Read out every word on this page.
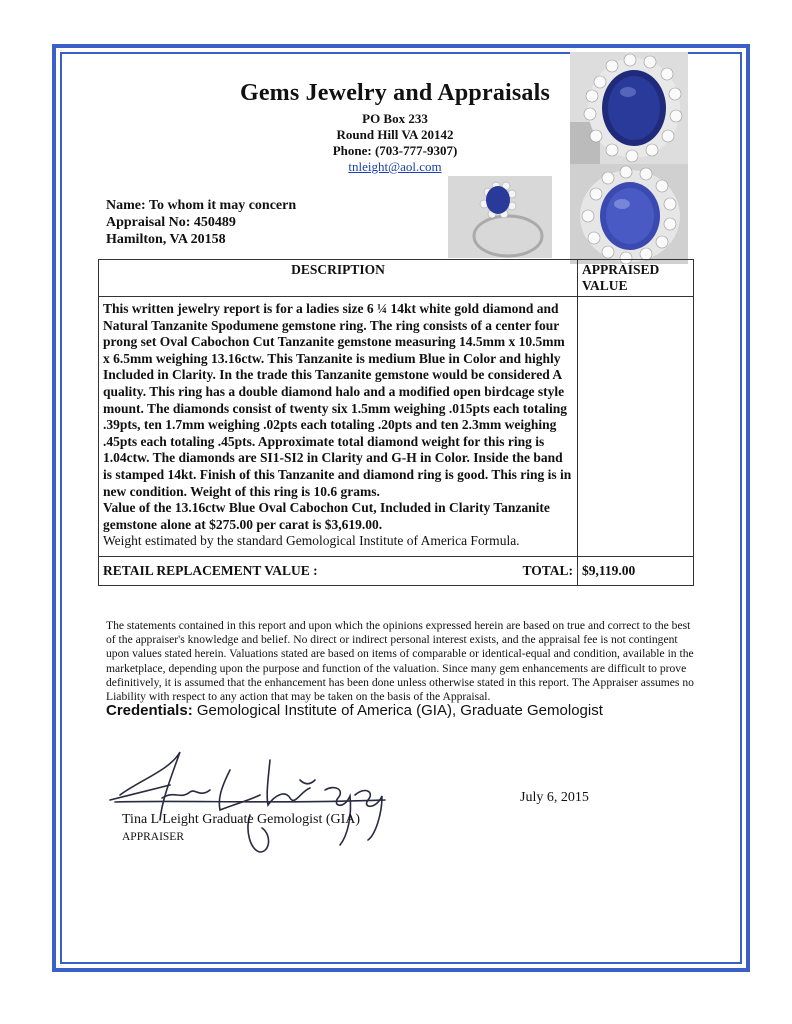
Gems Jewelry and Appraisals
PO Box 233
Round Hill VA 20142
Phone: (703-777-9307)
tnleight@aol.com
Name: To whom it may concern
Appraisal No: 450489
Hamilton, VA 20158
DESCRIPTION	APPRAISED VALUE

This written jewelry report is for a ladies size 6 ¼ 14kt white gold diamond and Natural Tanzanite Spodumene gemstone ring. The ring consists of a center four prong set Oval Cabochon Cut Tanzanite gemstone measuring 14.5mm x 10.5mm x 6.5mm weighing 13.16ctw. This Tanzanite is medium Blue in Color and highly Included in Clarity. In the trade this Tanzanite gemstone would be considered A quality. This ring has a double diamond halo and a modified open birdcage style mount. The diamonds consist of twenty six 1.5mm weighing .015pts each totaling .39pts, ten 1.7mm weighing .02pts each totaling .20pts and ten 2.3mm weighing .45pts each totaling .45pts. Approximate total diamond weight for this ring is 1.04ctw. The diamonds are SI1-SI2 in Clarity and G-H in Color. Inside the band is stamped 14kt. Finish of this Tanzanite and diamond ring is good. This ring is in new condition. Weight of this ring is 10.6 grams.
Value of the 13.16ctw Blue Oval Cabochon Cut, Included in Clarity Tanzanite gemstone alone at $275.00 per carat is $3,619.00.
Weight estimated by the standard Gemological Institute of America Formula.	

RETAIL REPLACEMENT VALUE : TOTAL:	$9,119.00
The statements contained in this report and upon which the opinions expressed herein are based on true and correct to the best of the appraiser's knowledge and belief. No direct or indirect personal interest exists, and the appraisal fee is not contingent upon values stated herein. Valuations stated are based on items of comparable or identical-equal and condition, available in the marketplace, depending upon the purpose and function of the valuation. Since many gem enhancements are difficult to prove definitively, it is assumed that the enhancement has been done unless otherwise stated in this report. The Appraiser assumes no Liability with respect to any action that may be taken on the basis of the Appraisal.
Credentials: Gemological Institute of America (GIA), Graduate Gemologist
Tina L Leight Graduate Gemologist (GIA)
APPRAISER
July 6, 2015
